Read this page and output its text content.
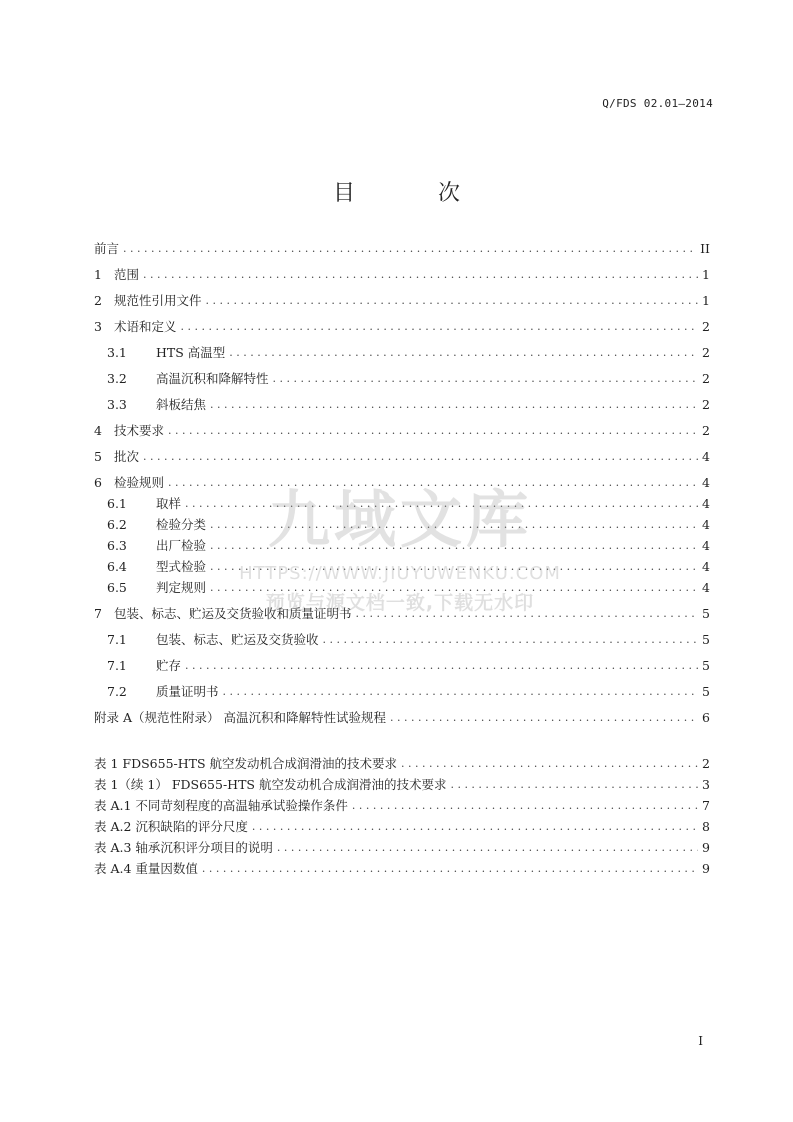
Q/FDS 02.01—2014
目 次
前言 . . .	II
1 范围 . . .	1
2 规范性引用文件 . . .	1
3 术语和定义 . . .	2
3.1	HTS 高温型 . . .	2
3.2	高温沉积和降解特性 . . .	2
3.3	斜板结焦 . . .	2
4 技术要求 . . .	2
5 批次 . . .	4
6 检验规则 . . .	4
6.1	取样 . . .	4
6.2	检验分类 . . .	4
6.3	出厂检验 . . .	4
6.4	型式检验 . . .	4
6.5	判定规则 . . .	4
7 包装、标志、贮运及交货验收和质量证明书 . . .	5
7.1	包装、标志、贮运及交货验收 . . .	5
7.1	贮存 . . .	5
7.2	质量证明书 . . .	5
附录 A（规范性附录） 高温沉积和降解特性试验规程 . . .	6
表 1 FDS655-HTS 航空发动机合成润滑油的技术要求 . . .	2
表 1（续 1） FDS655-HTS 航空发动机合成润滑油的技术要求 . . .	3
表 A.1 不同苛刻程度的高温轴承试验操作条件 . . .	7
表 A.2 沉积缺陷的评分尺度 . . .	8
表 A.3 轴承沉积评分项目的说明 . . .	9
表 A.4 重量因数值 . . .	9
九域文库
HTTPS://WWW.JIUYUWENKU.COM
预览与源文档一致,下载无水印
I
